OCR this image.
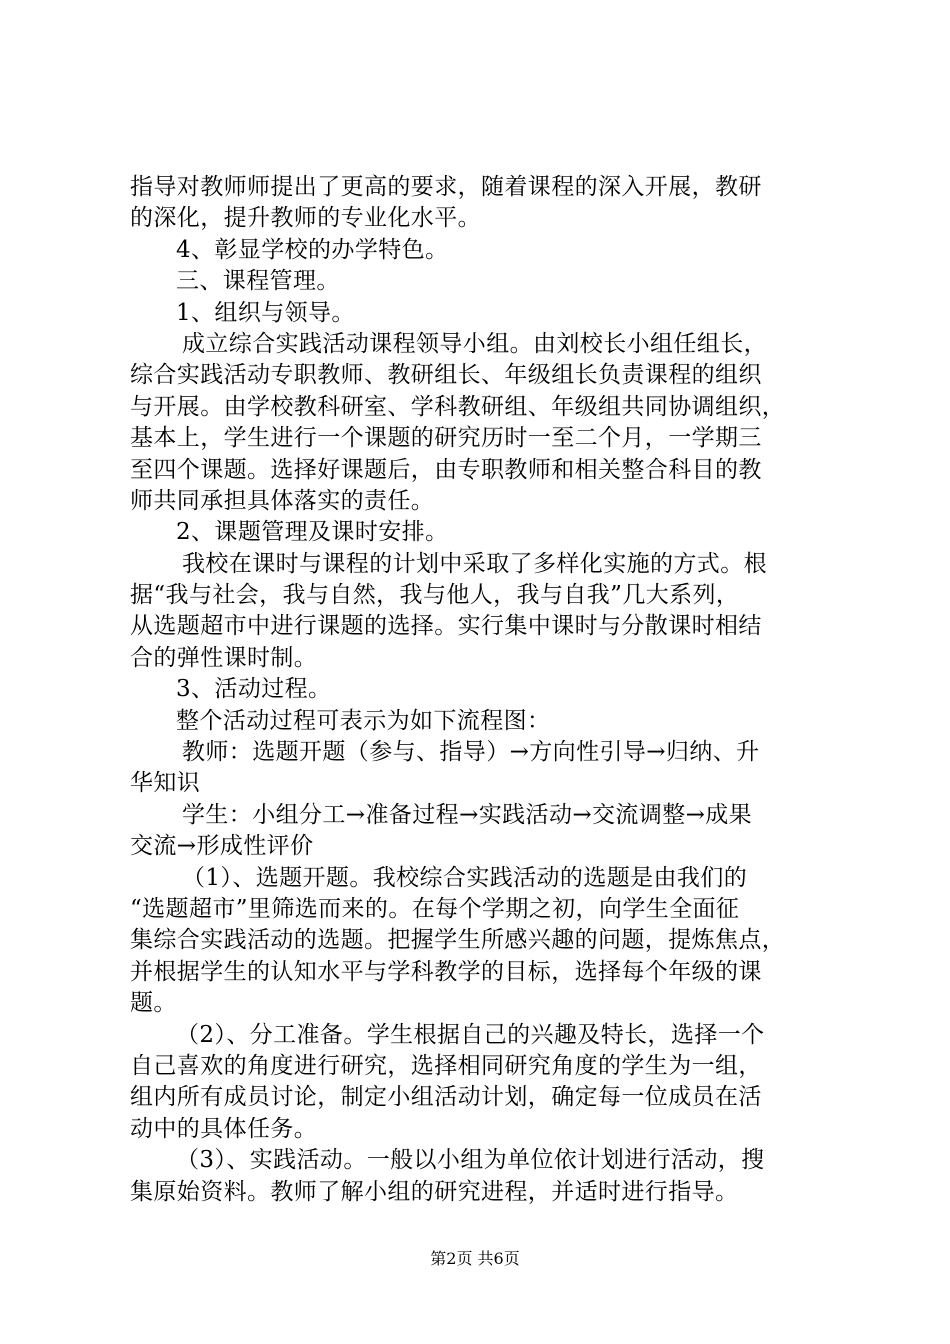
指导对教师师提出了更高的要求，随着课程的深入开展，教研
的深化，提升教师的专业化水平。
4、彰显学校的办学特色。
三、课程管理。
1、组织与领导。
成立综合实践活动课程领导小组。由刘校长小组任组长，
综合实践活动专职教师、教研组长、年级组长负责课程的组织
与开展。由学校教科研室、学科教研组、年级组共同协调组织，
基本上，学生进行一个课题的研究历时一至二个月，一学期三
至四个课题。选择好课题后，由专职教师和相关整合科目的教
师共同承担具体落实的责任。
2、课题管理及课时安排。
我校在课时与课程的计划中采取了多样化实施的方式。根
据“我与社会，我与自然，我与他人，我与自我”几大系列，
从选题超市中进行课题的选择。实行集中课时与分散课时相结
合的弹性课时制。
3、活动过程。
整个活动过程可表示为如下流程图：
教师：选题开题（参与、指导）→方向性引导→归纳、升
华知识
学生：小组分工→准备过程→实践活动→交流调整→成果
交流→形成性评价
（1）、选题开题。我校综合实践活动的选题是由我们的
“选题超市”里筛选而来的。在每个学期之初，向学生全面征
集综合实践活动的选题。把握学生所感兴趣的问题，提炼焦点，
并根据学生的认知水平与学科教学的目标，选择每个年级的课
题。
（2）、分工准备。学生根据自己的兴趣及特长，选择一个
自己喜欢的角度进行研究，选择相同研究角度的学生为一组，
组内所有成员讨论，制定小组活动计划，确定每一位成员在活
动中的具体任务。
（3）、实践活动。一般以小组为单位依计划进行活动，搜
集原始资料。教师了解小组的研究进程，并适时进行指导。
第2页 共6页
